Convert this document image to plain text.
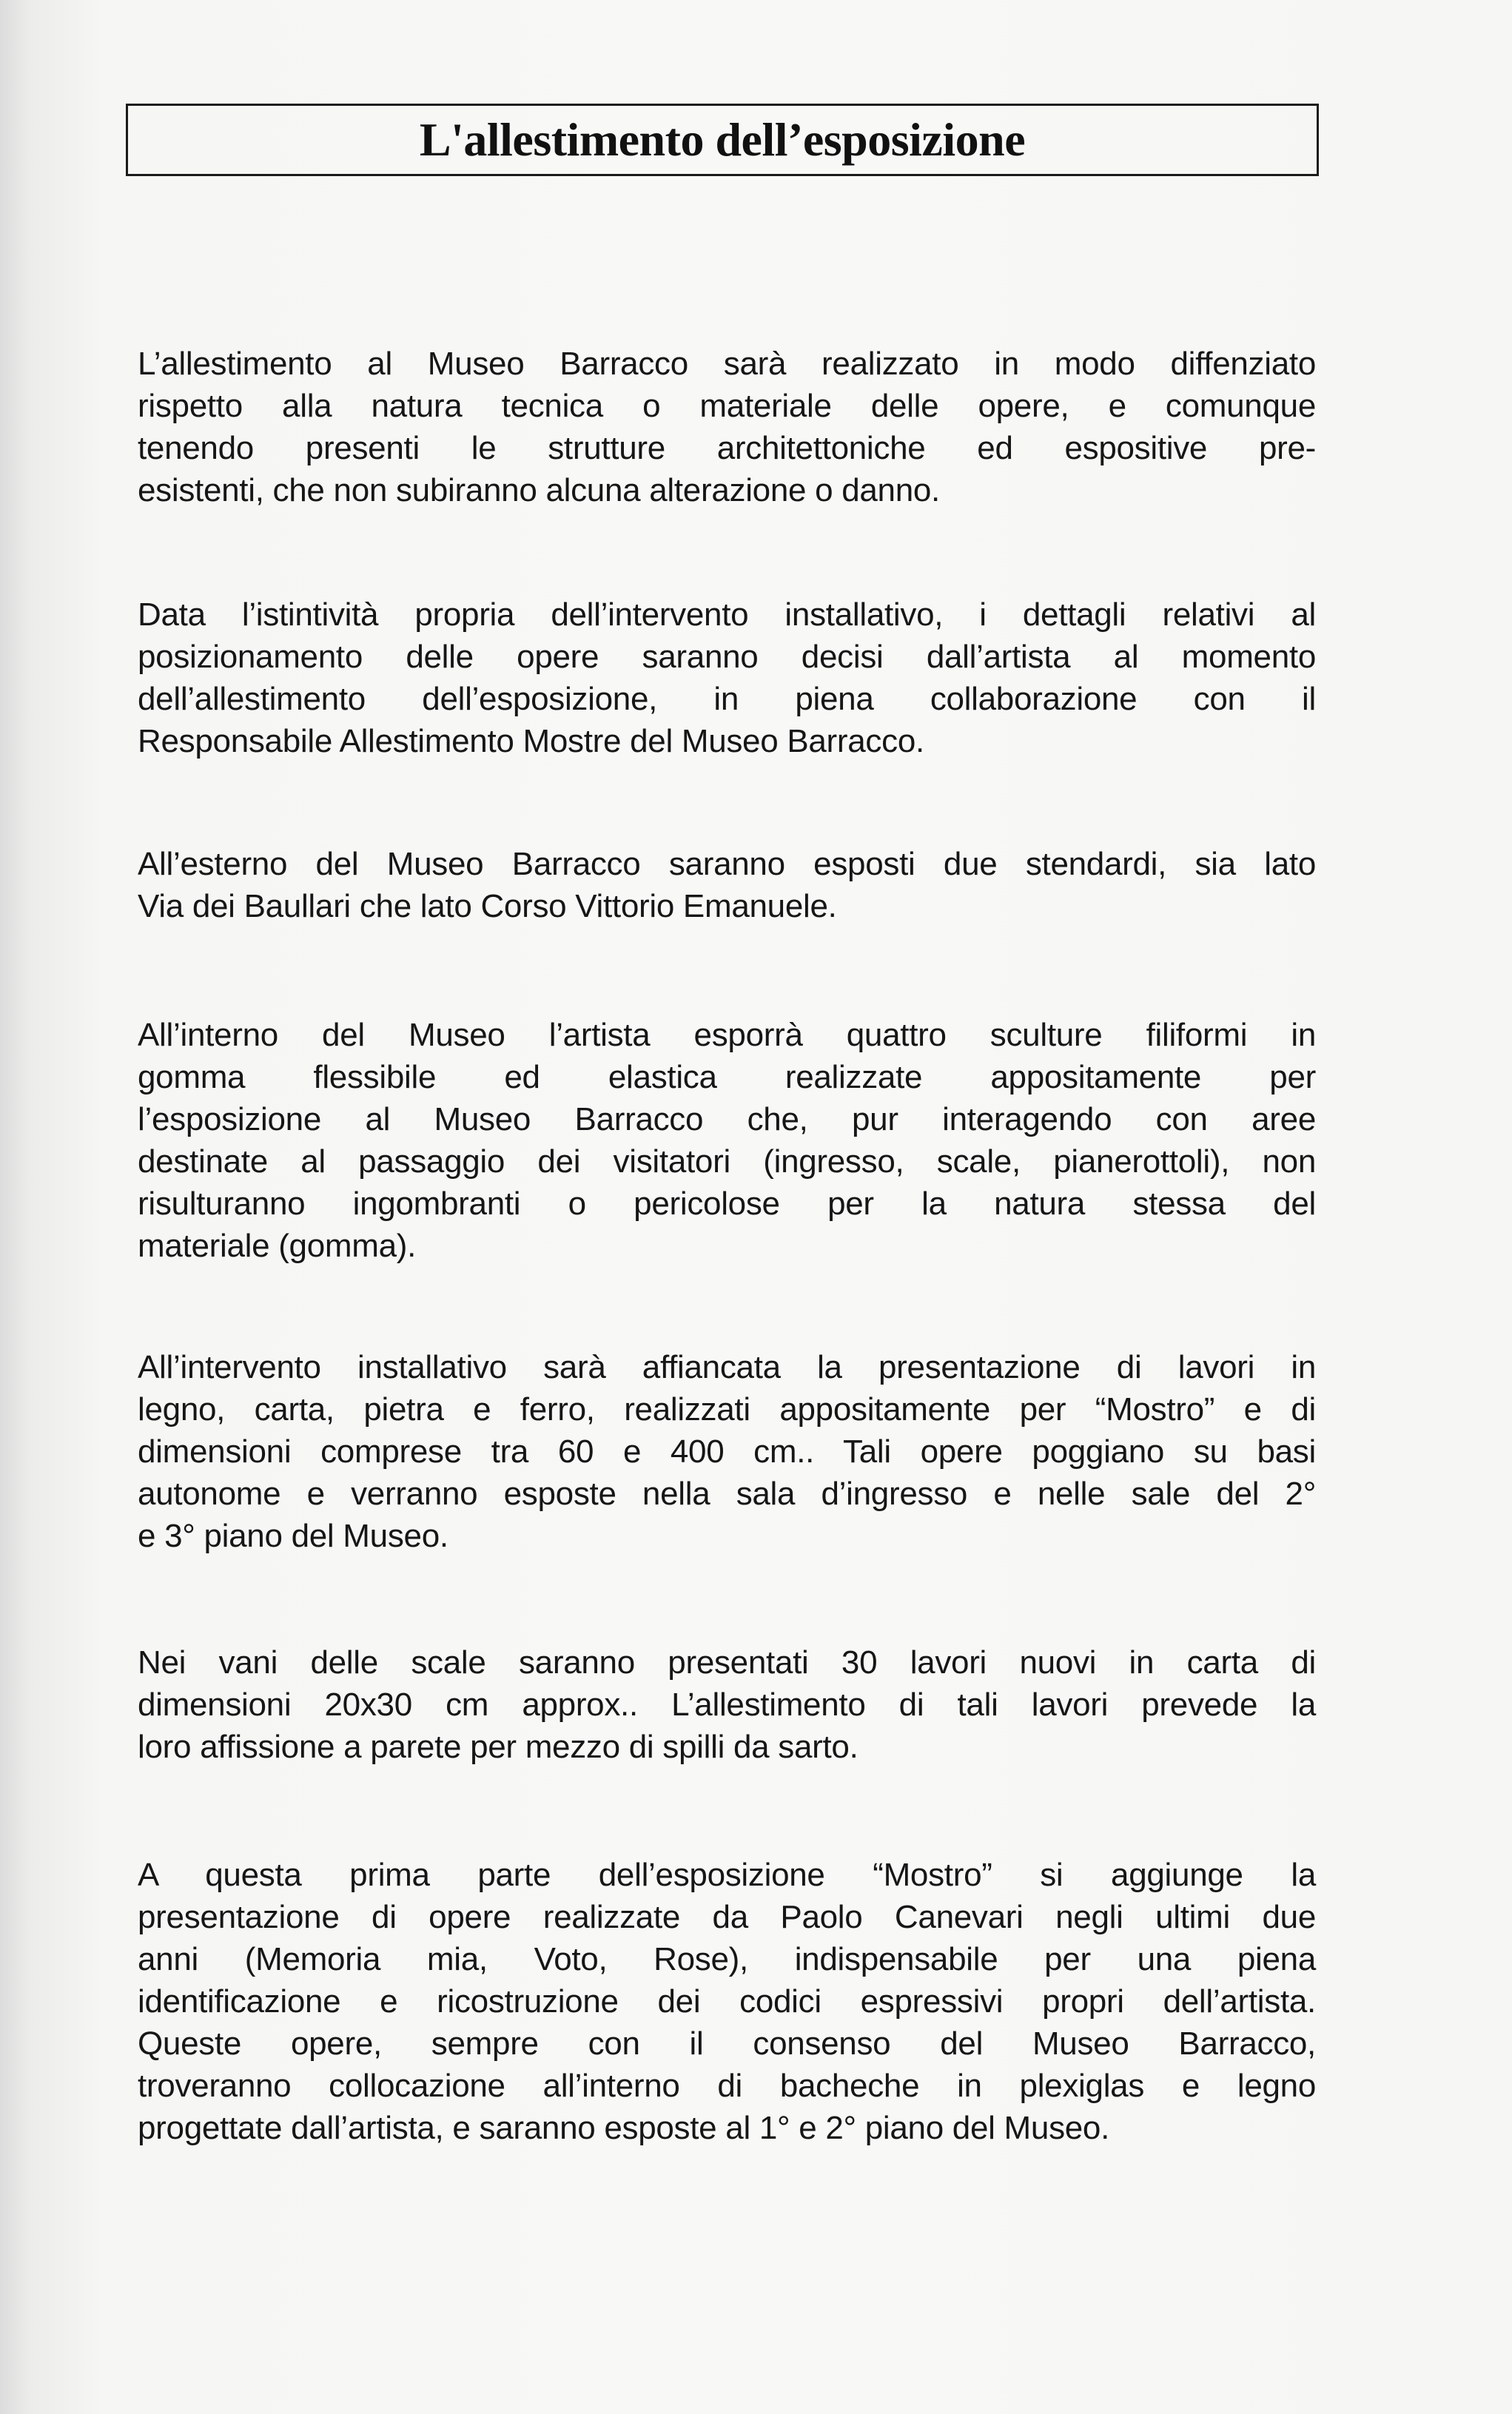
L'allestimento dell’esposizione
L’allestimento al Museo Barracco sarà realizzato in modo diffenziato
rispetto alla natura tecnica o materiale delle opere, e comunque
tenendo presenti le strutture architettoniche ed espositive pre-
esistenti, che non subiranno alcuna alterazione o danno.
Data l’istintività propria dell’intervento installativo, i dettagli relativi al
posizionamento delle opere saranno decisi dall’artista al momento
dell’allestimento dell’esposizione, in piena collaborazione con il
Responsabile Allestimento Mostre del Museo Barracco.
All’esterno del Museo Barracco saranno esposti due stendardi, sia lato
Via dei Baullari che lato Corso Vittorio Emanuele.
All’interno del Museo l’artista esporrà quattro sculture filiformi in
gomma flessibile ed elastica realizzate appositamente per
l’esposizione al Museo Barracco che, pur interagendo con aree
destinate al passaggio dei visitatori (ingresso, scale, pianerottoli), non
risulturanno ingombranti o pericolose per la natura stessa del
materiale (gomma).
All’intervento installativo sarà affiancata la presentazione di lavori in
legno, carta, pietra e ferro, realizzati appositamente per “Mostro” e di
dimensioni comprese tra 60 e 400 cm.. Tali opere poggiano su basi
autonome e verranno esposte nella sala d’ingresso e nelle sale del 2°
e 3° piano del Museo.
Nei vani delle scale saranno presentati 30 lavori nuovi in carta di
dimensioni 20x30 cm approx.. L’allestimento di tali lavori prevede la
loro affissione a parete per mezzo di spilli da sarto.
A questa prima parte dell’esposizione “Mostro” si aggiunge la
presentazione di opere realizzate da Paolo Canevari negli ultimi due
anni (Memoria mia, Voto, Rose), indispensabile per una piena
identificazione e ricostruzione dei codici espressivi propri dell’artista.
Queste opere, sempre con il consenso del Museo Barracco,
troveranno collocazione all’interno di bacheche in plexiglas e legno
progettate dall’artista, e saranno esposte al 1° e 2° piano del Museo.
